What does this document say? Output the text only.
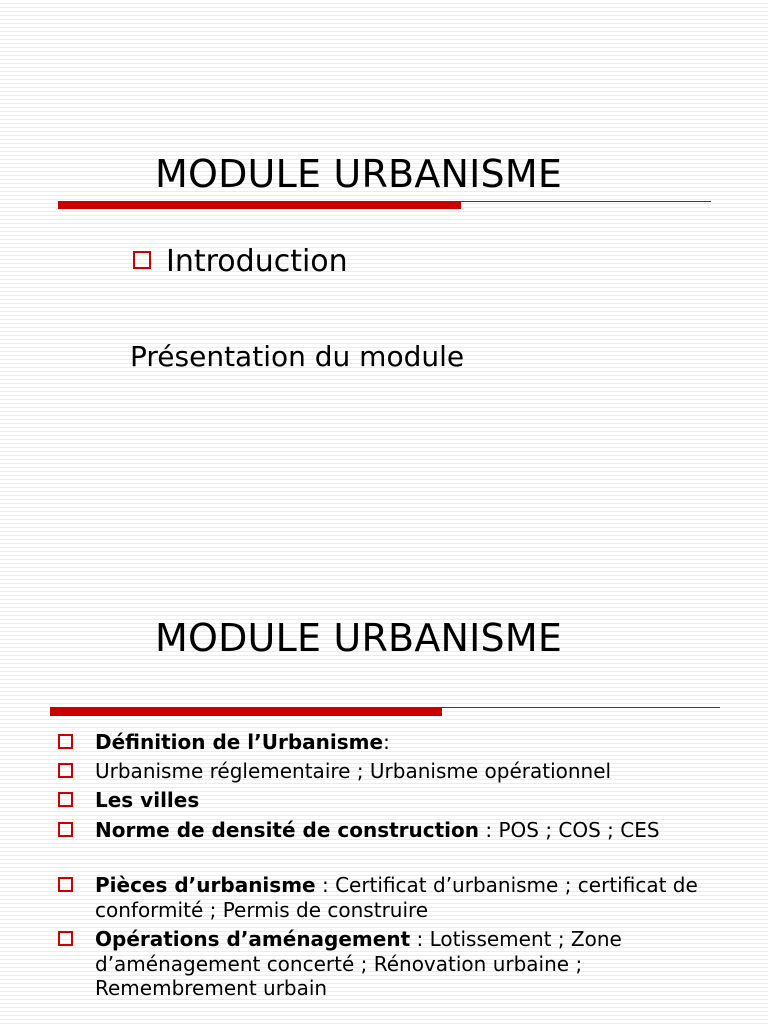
MODULE URBANISME
Introduction
Présentation du module
MODULE URBANISME
Définition de l’Urbanisme:
Urbanisme réglementaire ; Urbanisme opérationnel
Les villes
Norme de densité de construction : POS ; COS ; CES
Pièces d’urbanisme : Certificat d’urbanisme ; certificat de conformité ; Permis de construire
Opérations d’aménagement : Lotissement ; Zone d’aménagement concerté ; Rénovation urbaine ; Remembrement urbain
